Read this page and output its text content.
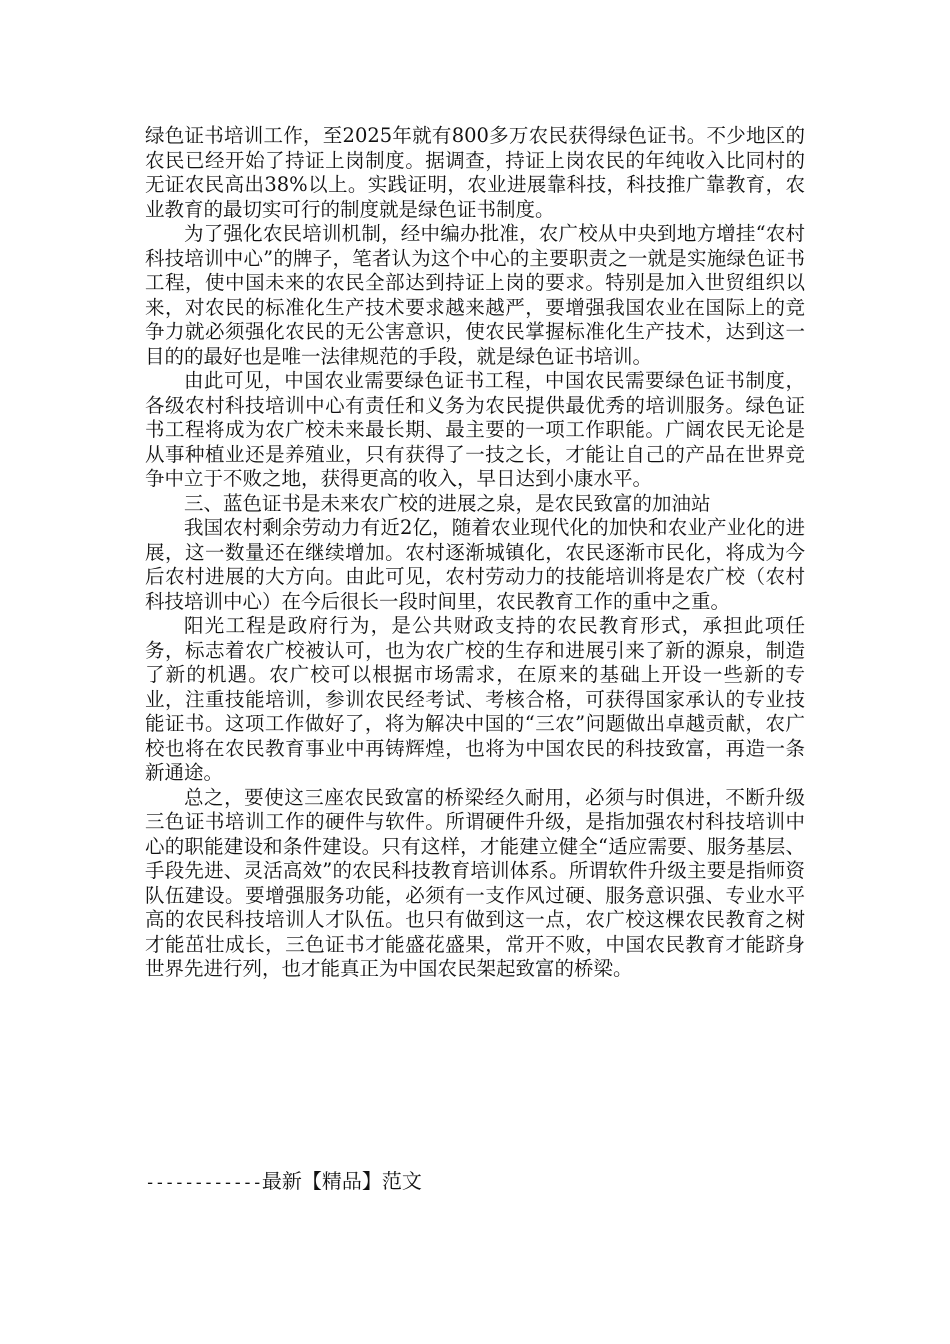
绿色证书培训工作，至2025年就有800多万农民获得绿色证书。不少地区的农民已经开始了持证上岗制度。据调查，持证上岗农民的年纯收入比同村的无证农民高出38%以上。实践证明，农业进展靠科技，科技推广靠教育，农业教育的最切实可行的制度就是绿色证书制度。

为了强化农民培训机制，经中编办批准，农广校从中央到地方增挂“农村科技培训中心”的牌子，笔者认为这个中心的主要职责之一就是实施绿色证书工程，使中国未来的农民全部达到持证上岗的要求。特别是加入世贸组织以来，对农民的标准化生产技术要求越来越严，要增强我国农业在国际上的竞争力就必须强化农民的无公害意识，使农民掌握标准化生产技术，达到这一目的的最好也是唯一法律规范的手段，就是绿色证书培训。

由此可见，中国农业需要绿色证书工程，中国农民需要绿色证书制度，各级农村科技培训中心有责任和义务为农民提供最优秀的培训服务。绿色证书工程将成为农广校未来最长期、最主要的一项工作职能。广阔农民无论是从事种植业还是养殖业，只有获得了一技之长，才能让自己的产品在世界竞争中立于不败之地，获得更高的收入，早日达到小康水平。

三、蓝色证书是未来农广校的进展之泉，是农民致富的加油站

我国农村剩余劳动力有近2亿，随着农业现代化的加快和农业产业化的进展，这一数量还在继续增加。农村逐渐城镇化，农民逐渐市民化，将成为今后农村进展的大方向。由此可见，农村劳动力的技能培训将是农广校（农村科技培训中心）在今后很长一段时间里，农民教育工作的重中之重。

阳光工程是政府行为，是公共财政支持的农民教育形式，承担此项任务，标志着农广校被认可，也为农广校的生存和进展引来了新的源泉，制造了新的机遇。农广校可以根据市场需求，在原来的基础上开设一些新的专业，注重技能培训，参训农民经考试、考核合格，可获得国家承认的专业技能证书。这项工作做好了，将为解决中国的“三农”问题做出卓越贡献，农广校也将在农民教育事业中再铸辉煌，也将为中国农民的科技致富，再造一条新通途。

总之，要使这三座农民致富的桥梁经久耐用，必须与时俱进，不断升级三色证书培训工作的硬件与软件。所谓硬件升级，是指加强农村科技培训中心的职能建设和条件建设。只有这样，才能建立健全“适应需要、服务基层、手段先进、灵活高效”的农民科技教育培训体系。所谓软件升级主要是指师资队伍建设。要增强服务功能，必须有一支作风过硬、服务意识强、专业水平高的农民科技培训人才队伍。也只有做到这一点，农广校这棵农民教育之树才能茁壮成长，三色证书才能盛花盛果，常开不败，中国农民教育才能跻身世界先进行列，也才能真正为中国农民架起致富的桥梁。

------------最新【精品】范文
